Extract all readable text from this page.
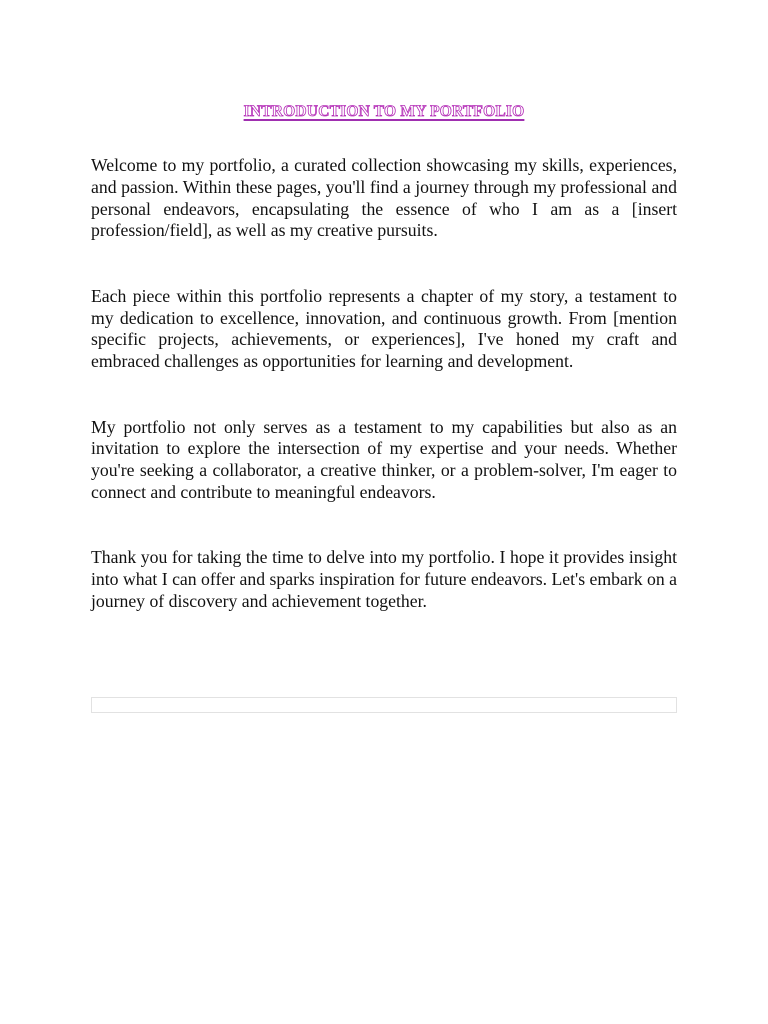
INTRODUCTION TO MY PORTFOLIO

Welcome to my portfolio, a curated collection showcasing my skills, experiences, and passion. Within these pages, you'll find a journey through my professional and personal endeavors, encapsulating the essence of who I am as a [insert profession/field], as well as my creative pursuits.

Each piece within this portfolio represents a chapter of my story, a testament to my dedication to excellence, innovation, and continuous growth. From [mention specific projects, achievements, or experiences], I've honed my craft and embraced challenges as opportunities for learning and development.

My portfolio not only serves as a testament to my capabilities but also as an invitation to explore the intersection of my expertise and your needs. Whether you're seeking a collaborator, a creative thinker, or a problem-solver, I'm eager to connect and contribute to meaningful endeavors.

Thank you for taking the time to delve into my portfolio. I hope it provides insight into what I can offer and sparks inspiration for future endeavors. Let's embark on a journey of discovery and achievement together.
